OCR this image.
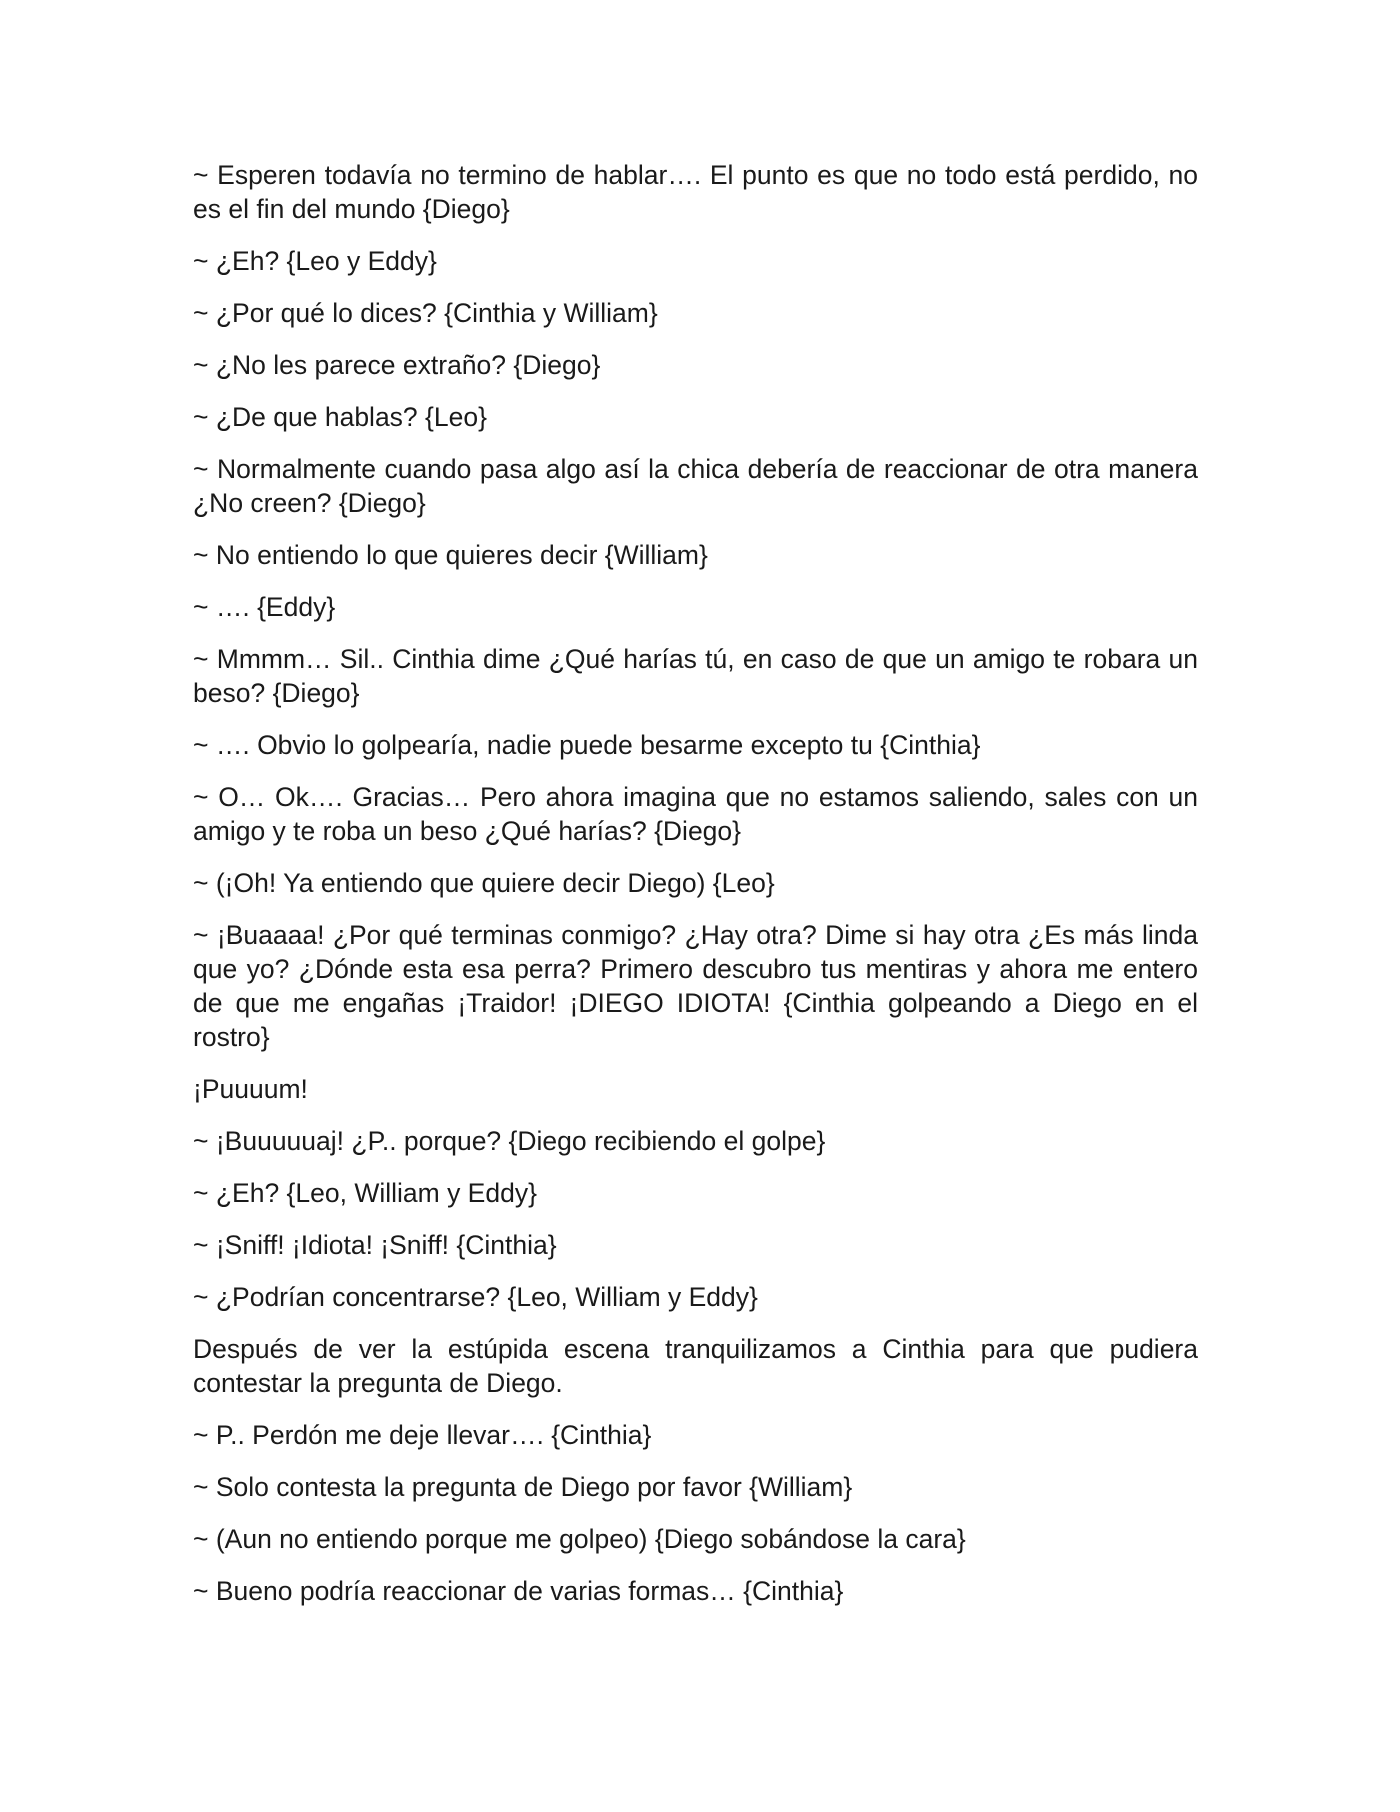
~ Esperen todavía no termino de hablar…. El punto es que no todo está perdido, no es el fin del mundo {Diego}

~ ¿Eh? {Leo y Eddy}

~ ¿Por qué lo dices? {Cinthia y William}

~ ¿No les parece extraño? {Diego}

~ ¿De que hablas? {Leo}

~ Normalmente cuando pasa algo así la chica debería de reaccionar de otra manera ¿No creen? {Diego}

~ No entiendo lo que quieres decir {William}

~ …. {Eddy}

~ Mmmm… Sil.. Cinthia dime ¿Qué harías tú, en caso de que un amigo te robara un beso? {Diego}

~ …. Obvio lo golpearía, nadie puede besarme excepto tu {Cinthia}

~ O… Ok…. Gracias… Pero ahora imagina que no estamos saliendo, sales con un amigo y te roba un beso ¿Qué harías? {Diego}

~ (¡Oh! Ya entiendo que quiere decir Diego) {Leo}

~ ¡Buaaaa! ¿Por qué terminas conmigo? ¿Hay otra? Dime si hay otra ¿Es más linda que yo? ¿Dónde esta esa perra? Primero descubro tus mentiras y ahora me entero de que me engañas ¡Traidor! ¡DIEGO IDIOTA! {Cinthia golpeando a Diego en el rostro}

¡Puuuum!

~ ¡Buuuuuaj! ¿P.. porque? {Diego recibiendo el golpe}

~ ¿Eh? {Leo, William y Eddy}

~ ¡Sniff! ¡Idiota! ¡Sniff! {Cinthia}

~ ¿Podrían concentrarse? {Leo, William y Eddy}

Después de ver la estúpida escena tranquilizamos a Cinthia para que pudiera contestar la pregunta de Diego.

~ P.. Perdón me deje llevar…. {Cinthia}

~ Solo contesta la pregunta de Diego por favor {William}

~ (Aun no entiendo porque me golpeo) {Diego sobándose la cara}

~ Bueno podría reaccionar de varias formas… {Cinthia}
